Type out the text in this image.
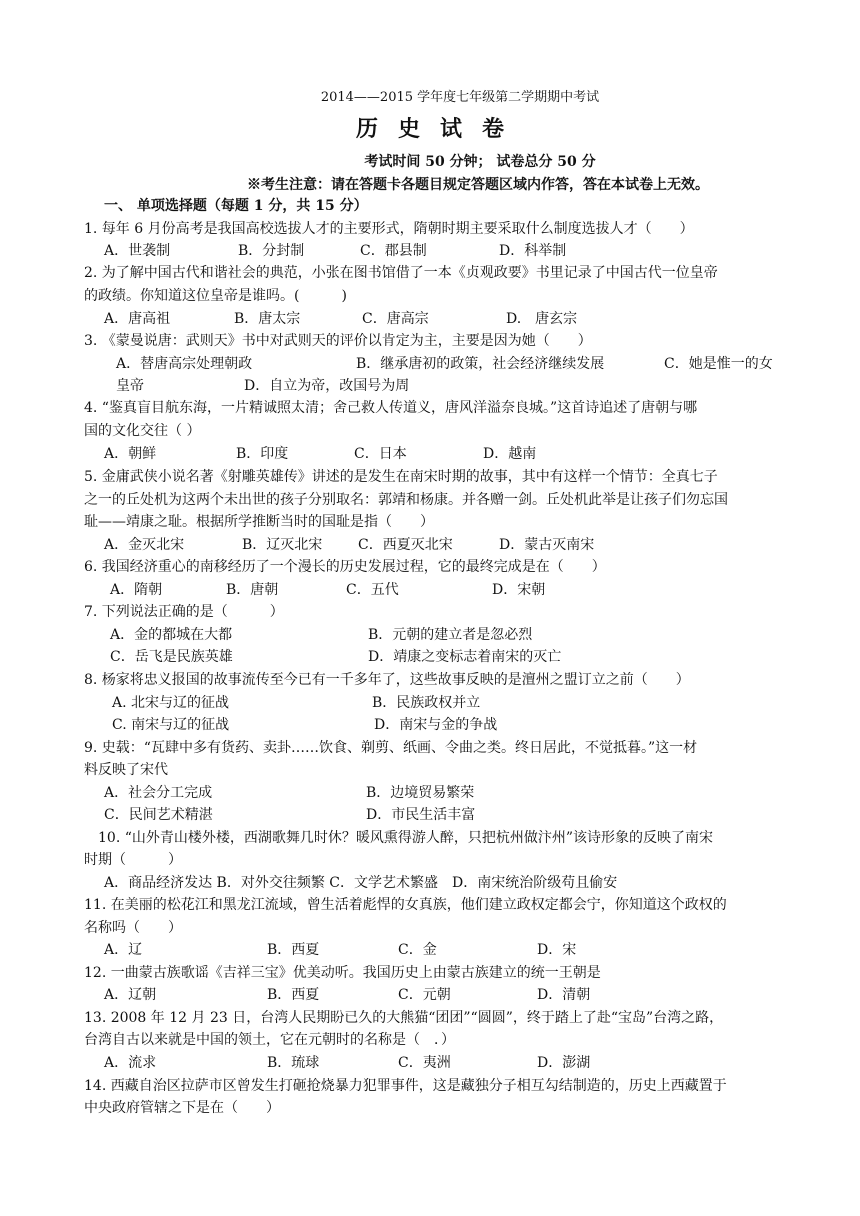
2014——2015 学年度七年级第二学期期中考试
历史试卷
考试时间 50 分钟； 试卷总分 50 分
※考生注意：请在答题卡各题目规定答题区域内作答，答在本试卷上无效。
一、 单项选择题（每题 1 分，共 15 分）
1. 每年 6 月份高考是我国高校选拔人才的主要形式，隋朝时期主要采取什么制度选拔人才（　　）
A．世袭制	B．分封制	C．郡县制	D．科举制
2. 为了解中国古代和谐社会的典范，小张在图书馆借了一本《贞观政要》书里记录了中国古代一位皇帝
的政绩。你知道这位皇帝是谁吗。(　　　)
A．唐高祖	B．唐太宗	C．唐高宗	D.　唐玄宗
3. 《蒙曼说唐：武则天》书中对武则天的评价以肯定为主，主要是因为她（　　）
A．替唐高宗处理朝政	B．继承唐初的政策，社会经济继续发展	C．她是惟一的女
皇帝	D．自立为帝，改国号为周
4. “鉴真盲目航东海，一片精诚照太清；舍己救人传道义，唐风洋溢奈良城。”这首诗追述了唐朝与哪
国的文化交往（ ）
A．朝鲜	B．印度	C．日本	D．越南
5. 金庸武侠小说名著《射雕英雄传》讲述的是发生在南宋时期的故事，其中有这样一个情节：全真七子
之一的丘处机为这两个未出世的孩子分别取名：郭靖和杨康。并各赠一剑。丘处机此举是让孩子们勿忘国
耻——靖康之耻。根据所学推断当时的国耻是指（　　）
A．金灭北宋	B．辽灭北宋	C．西夏灭北宋	D．蒙古灭南宋
6. 我国经济重心的南移经历了一个漫长的历史发展过程，它的最终完成是在（　　）
A．隋朝	B．唐朝	C．五代	D．宋朝
7. 下列说法正确的是（　　　）
A．金的都城在大都	B．元朝的建立者是忽必烈
C．岳飞是民族英雄	D．靖康之变标志着南宋的灭亡
8. 杨家将忠义报国的故事流传至今已有一千多年了，这些故事反映的是澶州之盟订立之前（　　）
A. 北宋与辽的征战	B．民族政权并立
C. 南宋与辽的征战	D．南宋与金的争战
9. 史载：“瓦肆中多有货药、卖卦……饮食、剃剪、纸画、令曲之类。终日居此，不觉抵暮。”这一材
料反映了宋代
A．社会分工完成	B．边境贸易繁荣
C．民间艺术精湛	D．市民生活丰富
10. “山外青山楼外楼，西湖歌舞几时休？暖风熏得游人醉，只把杭州做汴州”该诗形象的反映了南宋
时期（　　　）
A．商品经济发达 B．对外交往频繁 C．文学艺术繁盛　D．南宋统治阶级苟且偷安
11. 在美丽的松花江和黑龙江流域，曾生活着彪悍的女真族，他们建立政权定都会宁，你知道这个政权的
名称吗（　　）
A．辽	B．西夏	C．金	D．宋
12. 一曲蒙古族歌谣《吉祥三宝》优美动听。我国历史上由蒙古族建立的统一王朝是
A．辽朝	B．西夏	C．元朝	D．清朝
13. 2008 年 12 月 23 日，台湾人民期盼已久的大熊猫“团团”“圆圆”，终于踏上了赴“宝岛”台湾之路，
台湾自古以来就是中国的领土，它在元朝时的名称是（　．）
A．流求	B．琉球	C．夷洲	D．澎湖
14. 西藏自治区拉萨市区曾发生打砸抢烧暴力犯罪事件，这是藏独分子相互勾结制造的，历史上西藏置于
中央政府管辖之下是在（　　）
